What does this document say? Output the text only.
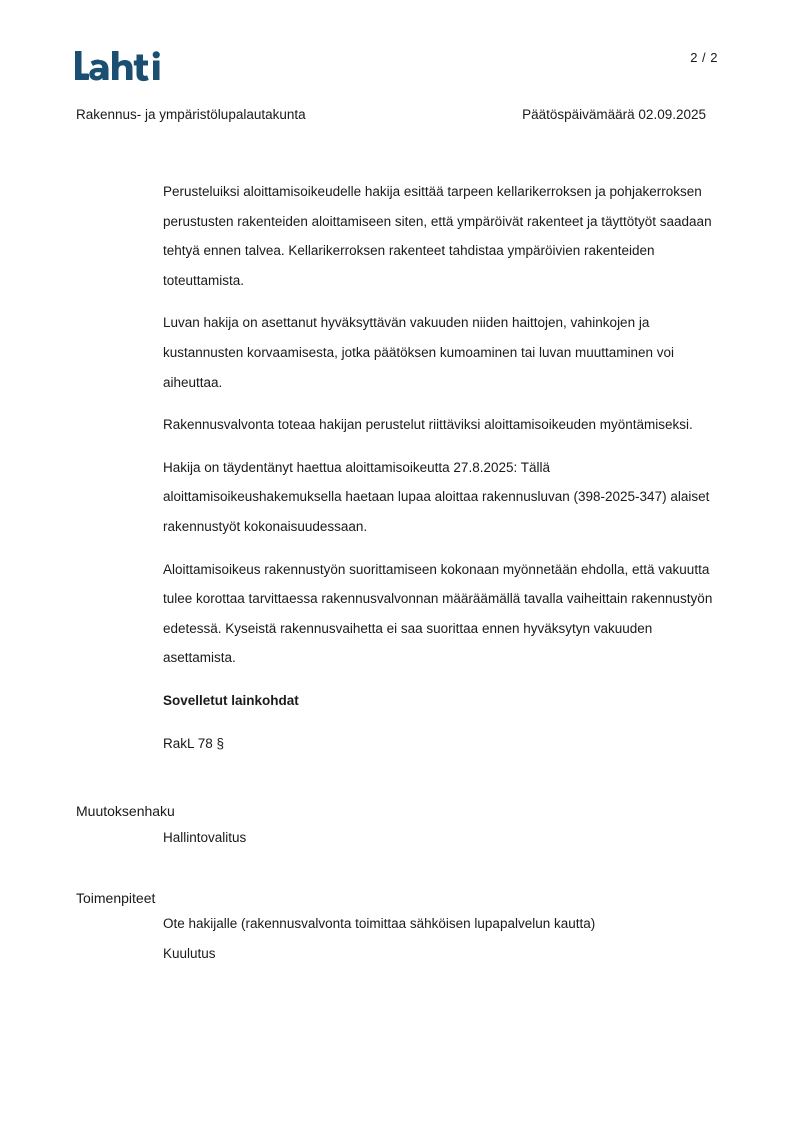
2 / 2
Rakennus- ja ympäristölupalautakunta	Päätöspäivämäärä 02.09.2025

Perusteluiksi aloittamisoikeudelle hakija esittää tarpeen kellarikerroksen ja pohjakerroksen perustusten rakenteiden aloittamiseen siten, että ympäröivät rakenteet ja täyttötyöt saadaan tehtyä ennen talvea. Kellarikerroksen rakenteet tahdistaa ympäröivien rakenteiden toteuttamista.

Luvan hakija on asettanut hyväksyttävän vakuuden niiden haittojen, vahinkojen ja kustannusten korvaamisesta, jotka päätöksen kumoaminen tai luvan muuttaminen voi aiheuttaa.

Rakennusvalvonta toteaa hakijan perustelut riittäviksi aloittamisoikeuden myöntämiseksi.

Hakija on täydentänyt haettua aloittamisoikeutta 27.8.2025: Tällä aloittamisoikeushakemuksella haetaan lupaa aloittaa rakennusluvan (398-2025-347) alaiset rakennustyöt kokonaisuudessaan.

Aloittamisoikeus rakennustyön suorittamiseen kokonaan myönnetään ehdolla, että vakuutta tulee korottaa tarvittaessa rakennusvalvonnan määräämällä tavalla vaiheittain rakennustyön edetessä. Kyseistä rakennusvaihetta ei saa suorittaa ennen hyväksytyn vakuuden asettamista.

Sovelletut lainkohdat

RakL 78 §

Muutoksenhaku
Hallintovalitus
Toimenpiteet
Ote hakijalle (rakennusvalvonta toimittaa sähköisen lupapalvelun kautta)
Kuulutus
